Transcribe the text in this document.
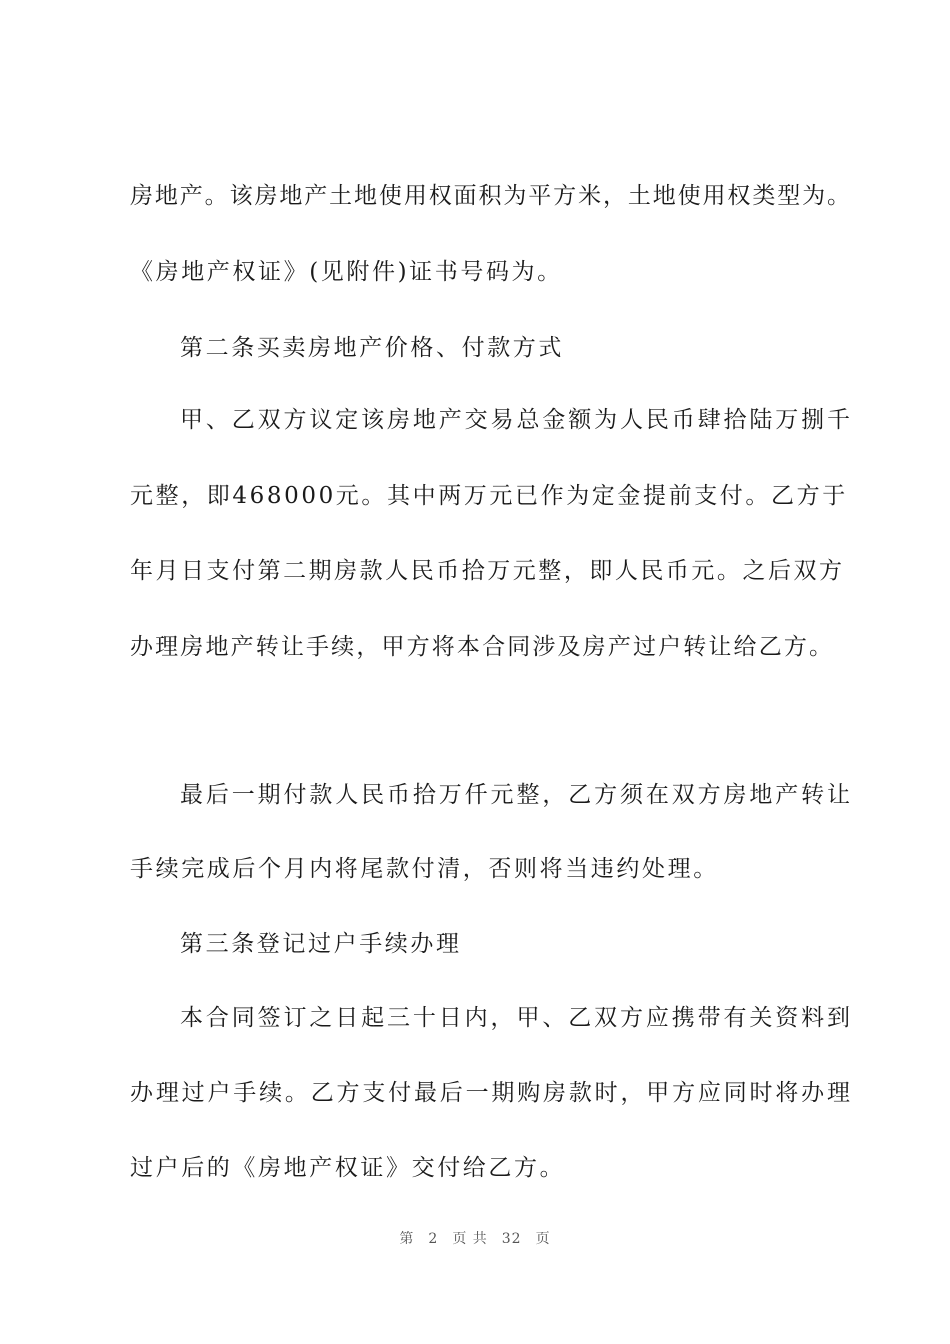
房地产。该房地产土地使用权面积为平方米，土地使用权类型为。
《房地产权证》(见附件)证书号码为。
第二条买卖房地产价格、付款方式
甲、乙双方议定该房地产交易总金额为人民币肆拾陆万捌千
元整，即468000元。其中两万元已作为定金提前支付。乙方于
年月日支付第二期房款人民币拾万元整，即人民币元。之后双方
办理房地产转让手续，甲方将本合同涉及房产过户转让给乙方。
最后一期付款人民币拾万仟元整，乙方须在双方房地产转让
手续完成后个月内将尾款付清，否则将当违约处理。
第三条登记过户手续办理
本合同签订之日起三十日内，甲、乙双方应携带有关资料到
办理过户手续。乙方支付最后一期购房款时，甲方应同时将办理
过户后的《房地产权证》交付给乙方。
第 2 页 共 32 页
